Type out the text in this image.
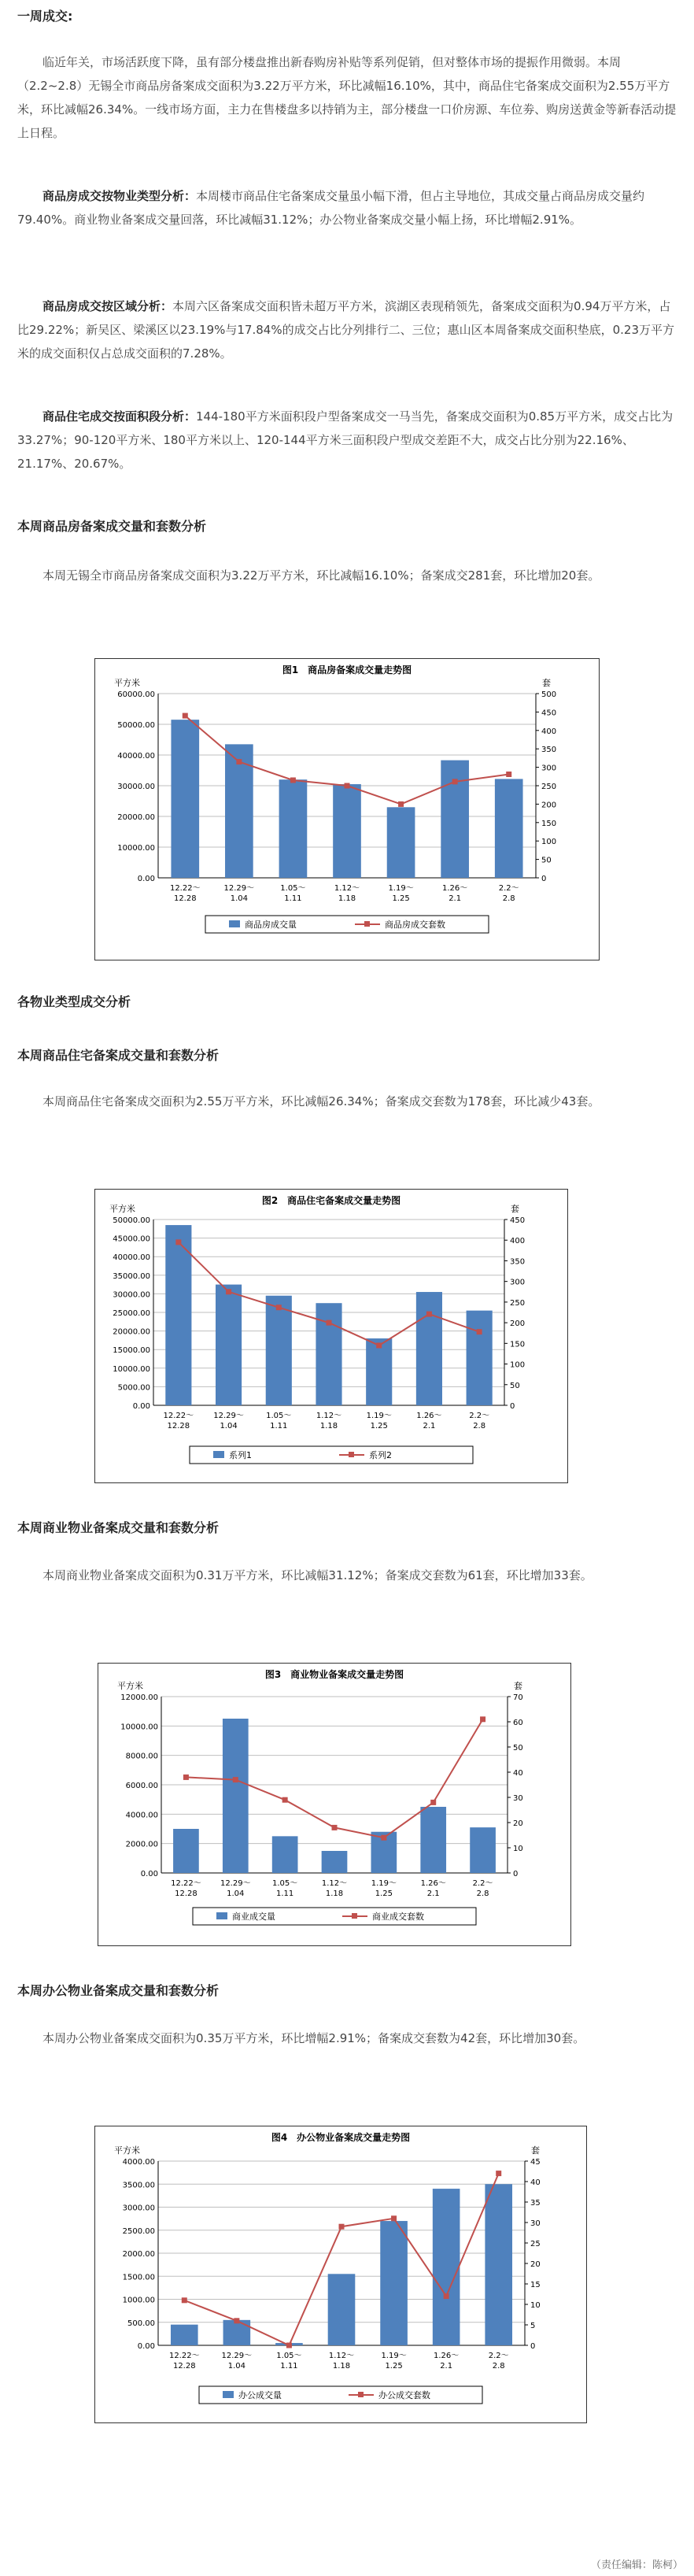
一周成交:
临近年关，市场活跃度下降，虽有部分楼盘推出新春购房补贴等系列促销，但对整体市场的提振作用微弱。本周（2.2~2.8）无锡全市商品房备案成交面积为3.22万平方米，环比减幅16.10%，其中，商品住宅备案成交面积为2.55万平方米，环比减幅26.34%。一线市场方面，主力在售楼盘多以持销为主，部分楼盘一口价房源、车位劵、购房送黄金等新春活动提上日程。
商品房成交按物业类型分析：本周楼市商品住宅备案成交量虽小幅下滑，但占主导地位，其成交量占商品房成交量约79.40%。商业物业备案成交量回落，环比减幅31.12%；办公物业备案成交量小幅上扬，环比增幅2.91%。
商品房成交按区域分析：本周六区备案成交面积皆未超万平方米，滨湖区表现稍领先，备案成交面积为0.94万平方米，占比29.22%；新吴区、梁溪区以23.19%与17.84%的成交占比分列排行二、三位；惠山区本周备案成交面积垫底，0.23万平方米的成交面积仅占总成交面积的7.28%。
商品住宅成交按面积段分析：144-180平方米面积段户型备案成交一马当先，备案成交面积为0.85万平方米，成交占比为33.27%；90-120平方米、180平方米以上、120-144平方米三面积段户型成交差距不大，成交占比分别为22.16%、21.17%、20.67%。
本周商品房备案成交量和套数分析
本周无锡全市商品房备案成交面积为3.22万平方米，环比减幅16.10%；备案成交281套，环比增加20套。
图1　商品房备案成交量走势图
平方米	套
0.00
10000.00
20000.00
30000.00
40000.00
50000.00
60000.00
0
50
100
150
200
250
300
350
400
450
500
12.22～
12.28
12.29～
1.04
1.05～
1.11
1.12～
1.18
1.19～
1.25
1.26～
2.1
2.2～
2.8
商品房成交量	商品房成交套数
各物业类型成交分析
本周商品住宅备案成交量和套数分析
本周商品住宅备案成交面积为2.55万平方米，环比减幅26.34%；备案成交套数为178套，环比减少43套。
图2　商品住宅备案成交量走势图
平方米	套
0.00
5000.00
10000.00
15000.00
20000.00
25000.00
30000.00
35000.00
40000.00
45000.00
50000.00
0
50
100
150
200
250
300
350
400
450
12.22～
12.28
12.29～
1.04
1.05～
1.11
1.12～
1.18
1.19～
1.25
1.26～
2.1
2.2～
2.8
系列1	系列2
本周商业物业备案成交量和套数分析
本周商业物业备案成交面积为0.31万平方米，环比减幅31.12%；备案成交套数为61套，环比增加33套。
图3　商业物业备案成交量走势图
平方米	套
0.00
2000.00
4000.00
6000.00
8000.00
10000.00
12000.00
0
10
20
30
40
50
60
70
12.22～
12.28
12.29～
1.04
1.05～
1.11
1.12～
1.18
1.19～
1.25
1.26～
2.1
2.2～
2.8
商业成交量	商业成交套数
本周办公物业备案成交量和套数分析
本周办公物业备案成交面积为0.35万平方米，环比增幅2.91%；备案成交套数为42套，环比增加30套。
图4　办公物业备案成交量走势图
平方米	套
0.00
500.00
1000.00
1500.00
2000.00
2500.00
3000.00
3500.00
4000.00
0
5
10
15
20
25
30
35
40
45
12.22～
12.28
12.29～
1.04
1.05～
1.11
1.12～
1.18
1.19～
1.25
1.26～
2.1
2.2～
2.8
办公成交量	办公成交套数
（责任编辑：陈柯）
